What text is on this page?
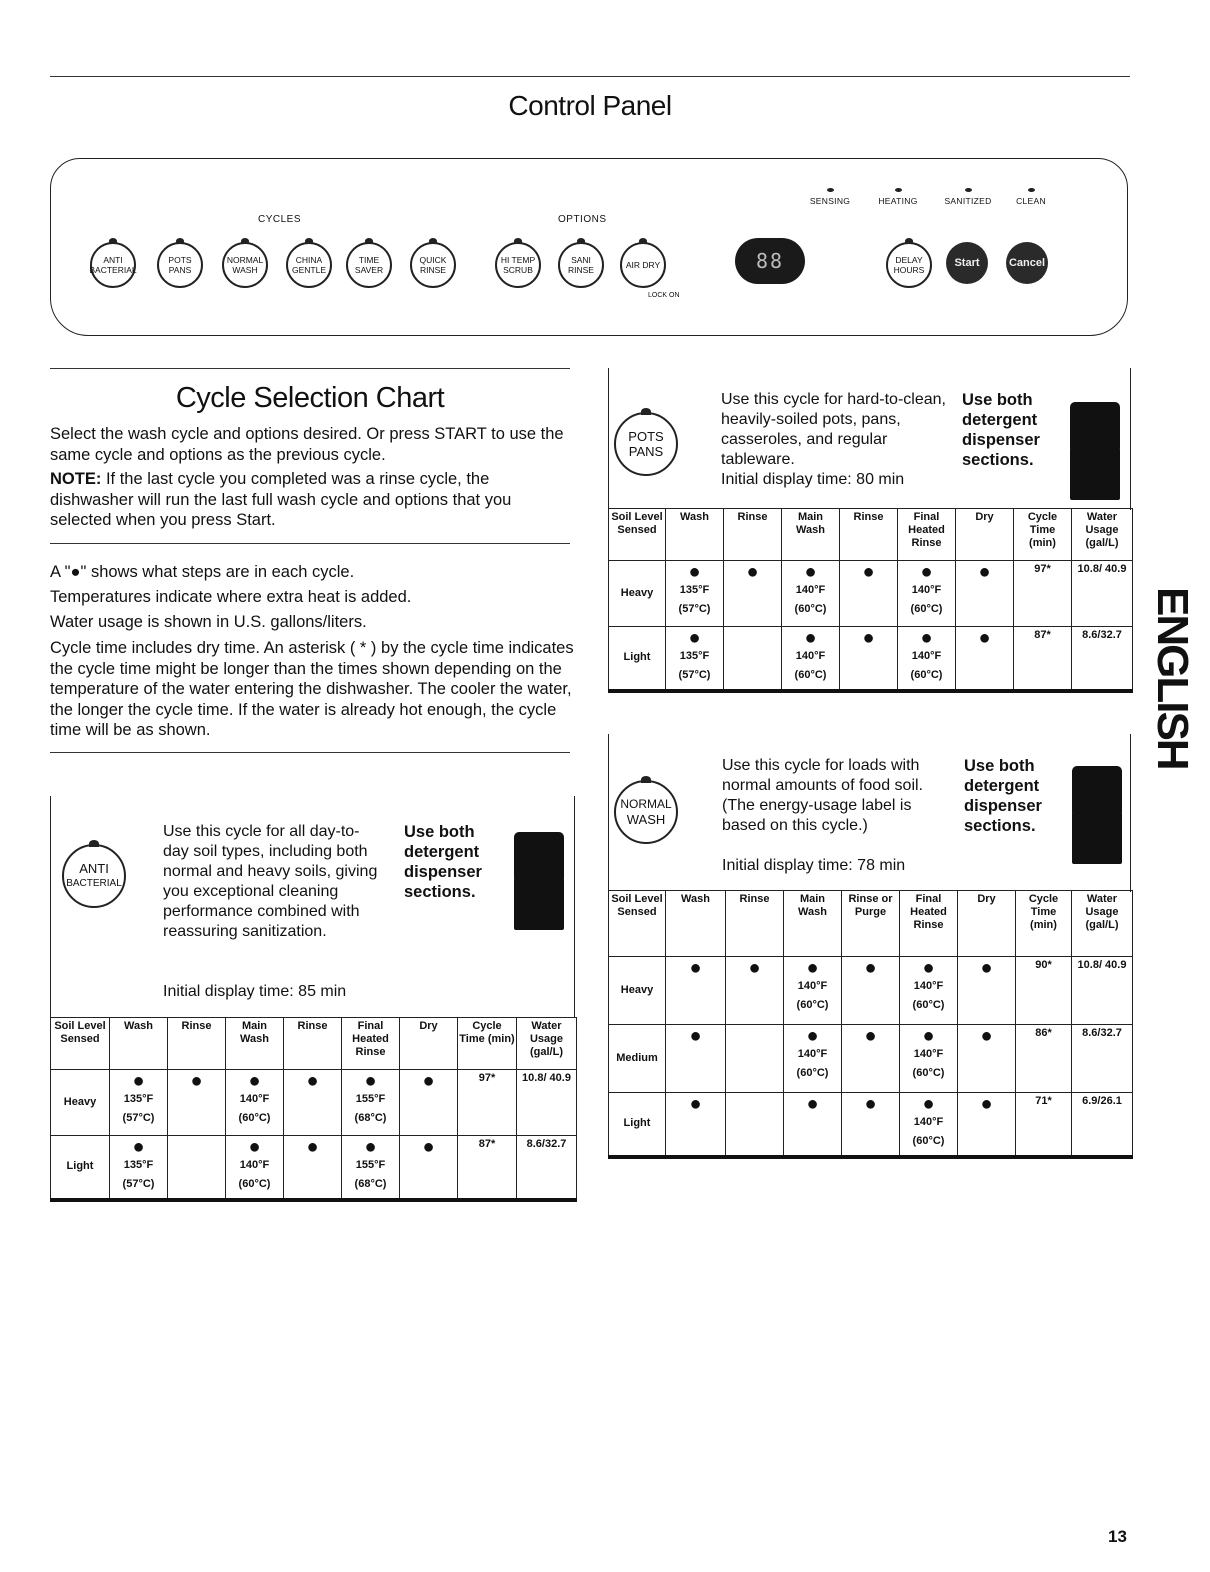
Control Panel
CYCLES	OPTIONS
ANTI BACTERIAL
POTS PANS
NORMAL WASH
CHINA GENTLE
TIME SAVER
QUICK RINSE
HI TEMP SCRUB
SANI RINSE	AIR DRY
LOCK ON
SENSING	HEATING	SANITIZED	CLEAN
88	DELAY HOURS
Start	Cancel
Cycle Selection Chart

Select the wash cycle and options desired. Or press START to use the same cycle and options as the previous cycle.

NOTE: If the last cycle you completed was a rinse cycle, the dishwasher will run the last full wash cycle and options that you selected when you press Start.

A "●" shows what steps are in each cycle.

Temperatures indicate where extra heat is added.

Water usage is shown in U.S. gallons/liters.

Cycle time includes dry time. An asterisk ( * ) by the cycle time indicates the cycle time might be longer than the times shown depending on the temperature of the water entering the dishwasher. The cooler the water, the longer the cycle time. If the water is already hot enough, the cycle time will be as shown.

ANTI
BACTERIAL

Use this cycle for all day-to-day soil types, including both normal and heavy soils, giving you exceptional cleaning performance combined with reassuring sanitization.

Initial display time: 85 min

Use both detergent dispenser sections.
Soil Level Sensed	Wash	Rinse	Main Wash	Rinse	Final Heated Rinse	Dry	Cycle Time (min)	Water Usage (gal/L)
Heavy	●
135°F
(57°C)	●	●
140°F
(60°C)	●	●
155°F
(68°C)	●	97*	10.8/ 40.9
Light	●
135°F
(57°C)		●
140°F
(60°C)	●	●
155°F
(68°C)	●	87*	8.6/32.7
POTS
PANS

Use this cycle for hard-to-clean, heavily-soiled pots, pans, casseroles, and regular tableware.

Initial display time: 80 min

Use both detergent dispenser sections.
Soil Level Sensed	Wash	Rinse	Main Wash	Rinse	Final Heated Rinse	Dry	Cycle Time (min)	Water Usage (gal/L)
Heavy	●
135°F
(57°C)	●	●
140°F
(60°C)	●	●
140°F
(60°C)	●	97*	10.8/ 40.9
Light	●
135°F
(57°C)		●
140°F
(60°C)	●	●
140°F
(60°C)	●	87*	8.6/32.7
NORMAL
WASH

Use this cycle for loads with normal amounts of food soil. (The energy-usage label is based on this cycle.)

Initial display time: 78 min

Use both detergent dispenser sections.
Soil Level Sensed	Wash	Rinse	Main Wash	Rinse or Purge	Final Heated Rinse	Dry	Cycle Time (min)	Water Usage (gal/L)
Heavy	●	●	●
140°F
(60°C)	●	●
140°F
(60°C)	●	90*	10.8/ 40.9
Medium	●		●
140°F
(60°C)	●	●
140°F
(60°C)	●	86*	8.6/32.7
Light	●		●	●	●
140°F
(60°C)	●	71*	6.9/26.1
ENGLISH
13
